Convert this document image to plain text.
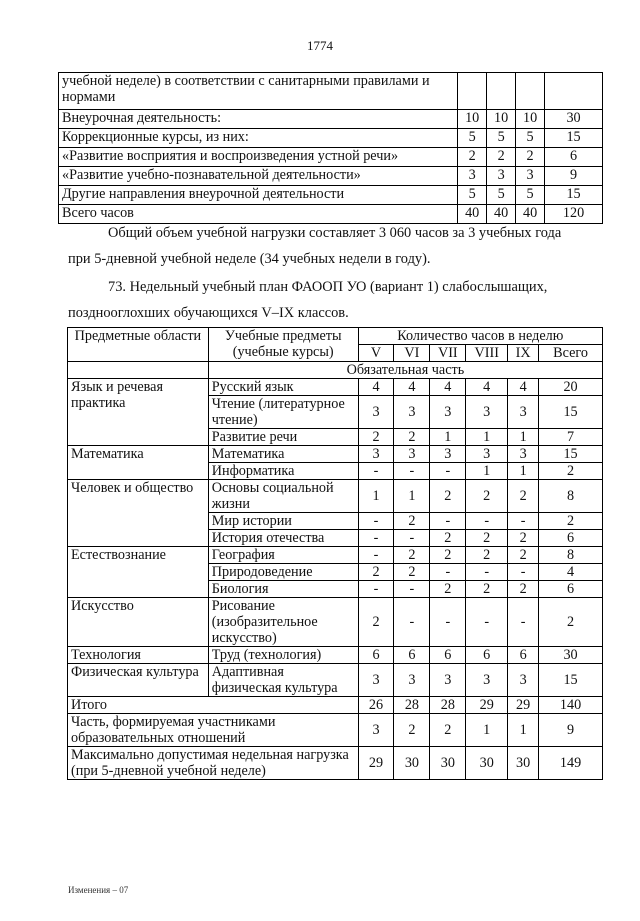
1774
учебной неделе) в соответствии с санитарными правилами и нормами				
Внеурочная деятельность:	10	10	10	30
Коррекционные курсы, из них:	5	5	5	15
«Развитие восприятия и воспроизведения устной речи»	2	2	2	6
«Развитие учебно-познавательной деятельности»	3	3	3	9
Другие направления внеурочной деятельности	5	5	5	15
Всего часов	40	40	40	120
Общий объем учебной нагрузки составляет 3 060 часов за 3 учебных года
при 5-дневной учебной неделе (34 учебных недели в году).
73. Недельный учебный план ФАООП УО (вариант 1) слабослышащих,
позднооглохших обучающихся V–IX классов.
Предметные области	Учебные предметы (учебные курсы)	Количество часов в неделю					
		V	VI	VII	VIII	IX	Всего
	Обязательная часть						
Язык и речевая практика	Русский язык	4	4	4	4	4	20
	Чтение (литературное чтение)	3	3	3	3	3	15
	Развитие речи	2	2	1	1	1	7
Математика	Математика	3	3	3	3	3	15
	Информатика	-	-	-	1	1	2
Человек и общество	Основы социальной жизни	1	1	2	2	2	8
	Мир истории	-	2	-	-	-	2
	История отечества	-	-	2	2	2	6
Естествознание	География	-	2	2	2	2	8
	Природоведение	2	2	-	-	-	4
	Биология	-	-	2	2	2	6
Искусство	Рисование (изобразительное искусство)	2	-	-	-	-	2
Технология	Труд (технология)	6	6	6	6	6	30
Физическая культура	Адаптивная физическая культура	3	3	3	3	3	15
Итого		26	28	28	29	29	140
Часть, формируемая участниками образовательных отношений		3	2	2	1	1	9
Максимально допустимая недельная нагрузка (при 5-дневной учебной неделе)		29	30	30	30	30	149
Изменения – 07
